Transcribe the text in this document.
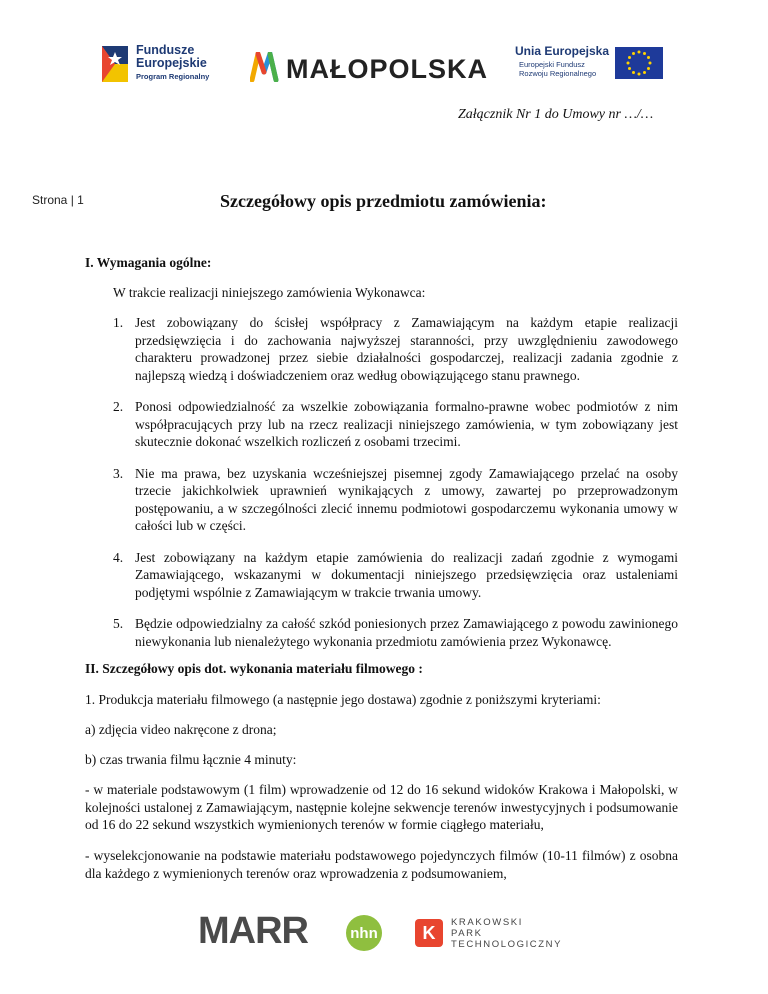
Fundusze
Europejskie
Program Regionalny	MAŁOPOLSKA
Unia Europejska
Europejski Fundusz
Rozwoju Regionalnego
Załącznik Nr 1 do Umowy nr …/…
Strona | 1	Szczegółowy opis przedmiotu zamówienia:
I. Wymagania ogólne:
W trakcie realizacji niniejszego zamówienia Wykonawca:
1. Jest zobowiązany do ścisłej współpracy z Zamawiającym na każdym etapie realizacji przedsięwzięcia i do zachowania najwyższej staranności, przy uwzględnieniu zawodowego charakteru prowadzonej przez siebie działalności gospodarczej, realizacji zadania zgodnie z najlepszą wiedzą i doświadczeniem oraz według obowiązującego stanu prawnego.
2. Ponosi odpowiedzialność za wszelkie zobowiązania formalno-prawne wobec podmiotów z nim współpracujących przy lub na rzecz realizacji niniejszego zamówienia, w tym zobowiązany jest skutecznie dokonać wszelkich rozliczeń z osobami trzecimi.
3. Nie ma prawa, bez uzyskania wcześniejszej pisemnej zgody Zamawiającego przelać na osoby trzecie jakichkolwiek uprawnień wynikających z umowy, zawartej po przeprowadzonym postępowaniu, a w szczególności zlecić innemu podmiotowi gospodarczemu wykonania umowy w całości lub w części.
4. Jest zobowiązany na każdym etapie zamówienia do realizacji zadań zgodnie z wymogami Zamawiającego, wskazanymi w dokumentacji niniejszego przedsięwzięcia oraz ustaleniami podjętymi wspólnie z Zamawiającym w trakcie trwania umowy.
5. Będzie odpowiedzialny za całość szkód poniesionych przez Zamawiającego z powodu zawinionego niewykonania lub nienależytego wykonania przedmiotu zamówienia przez Wykonawcę.
II. Szczegółowy opis dot. wykonania materiału filmowego :
1. Produkcja materiału filmowego (a następnie jego dostawa) zgodnie z poniższymi kryteriami:
a) zdjęcia video nakręcone z drona;
b) czas trwania filmu łącznie 4 minuty:
- w materiale podstawowym (1 film) wprowadzenie od 12 do 16 sekund widoków Krakowa i Małopolski, w kolejności ustalonej z Zamawiającym, następnie kolejne sekwencje terenów inwestycyjnych i podsumowanie od 16 do 22 sekund wszystkich wymienionych terenów w formie ciągłego materiału,
- wyselekcjonowanie na podstawie materiału podstawowego pojedynczych filmów (10-11 filmów) z osobna dla każdego z wymienionych terenów oraz wprowadzenia z podsumowaniem,
MARR	nhn	K	KRAKOWSKI
PARK
TECHNOLOGICZNY
